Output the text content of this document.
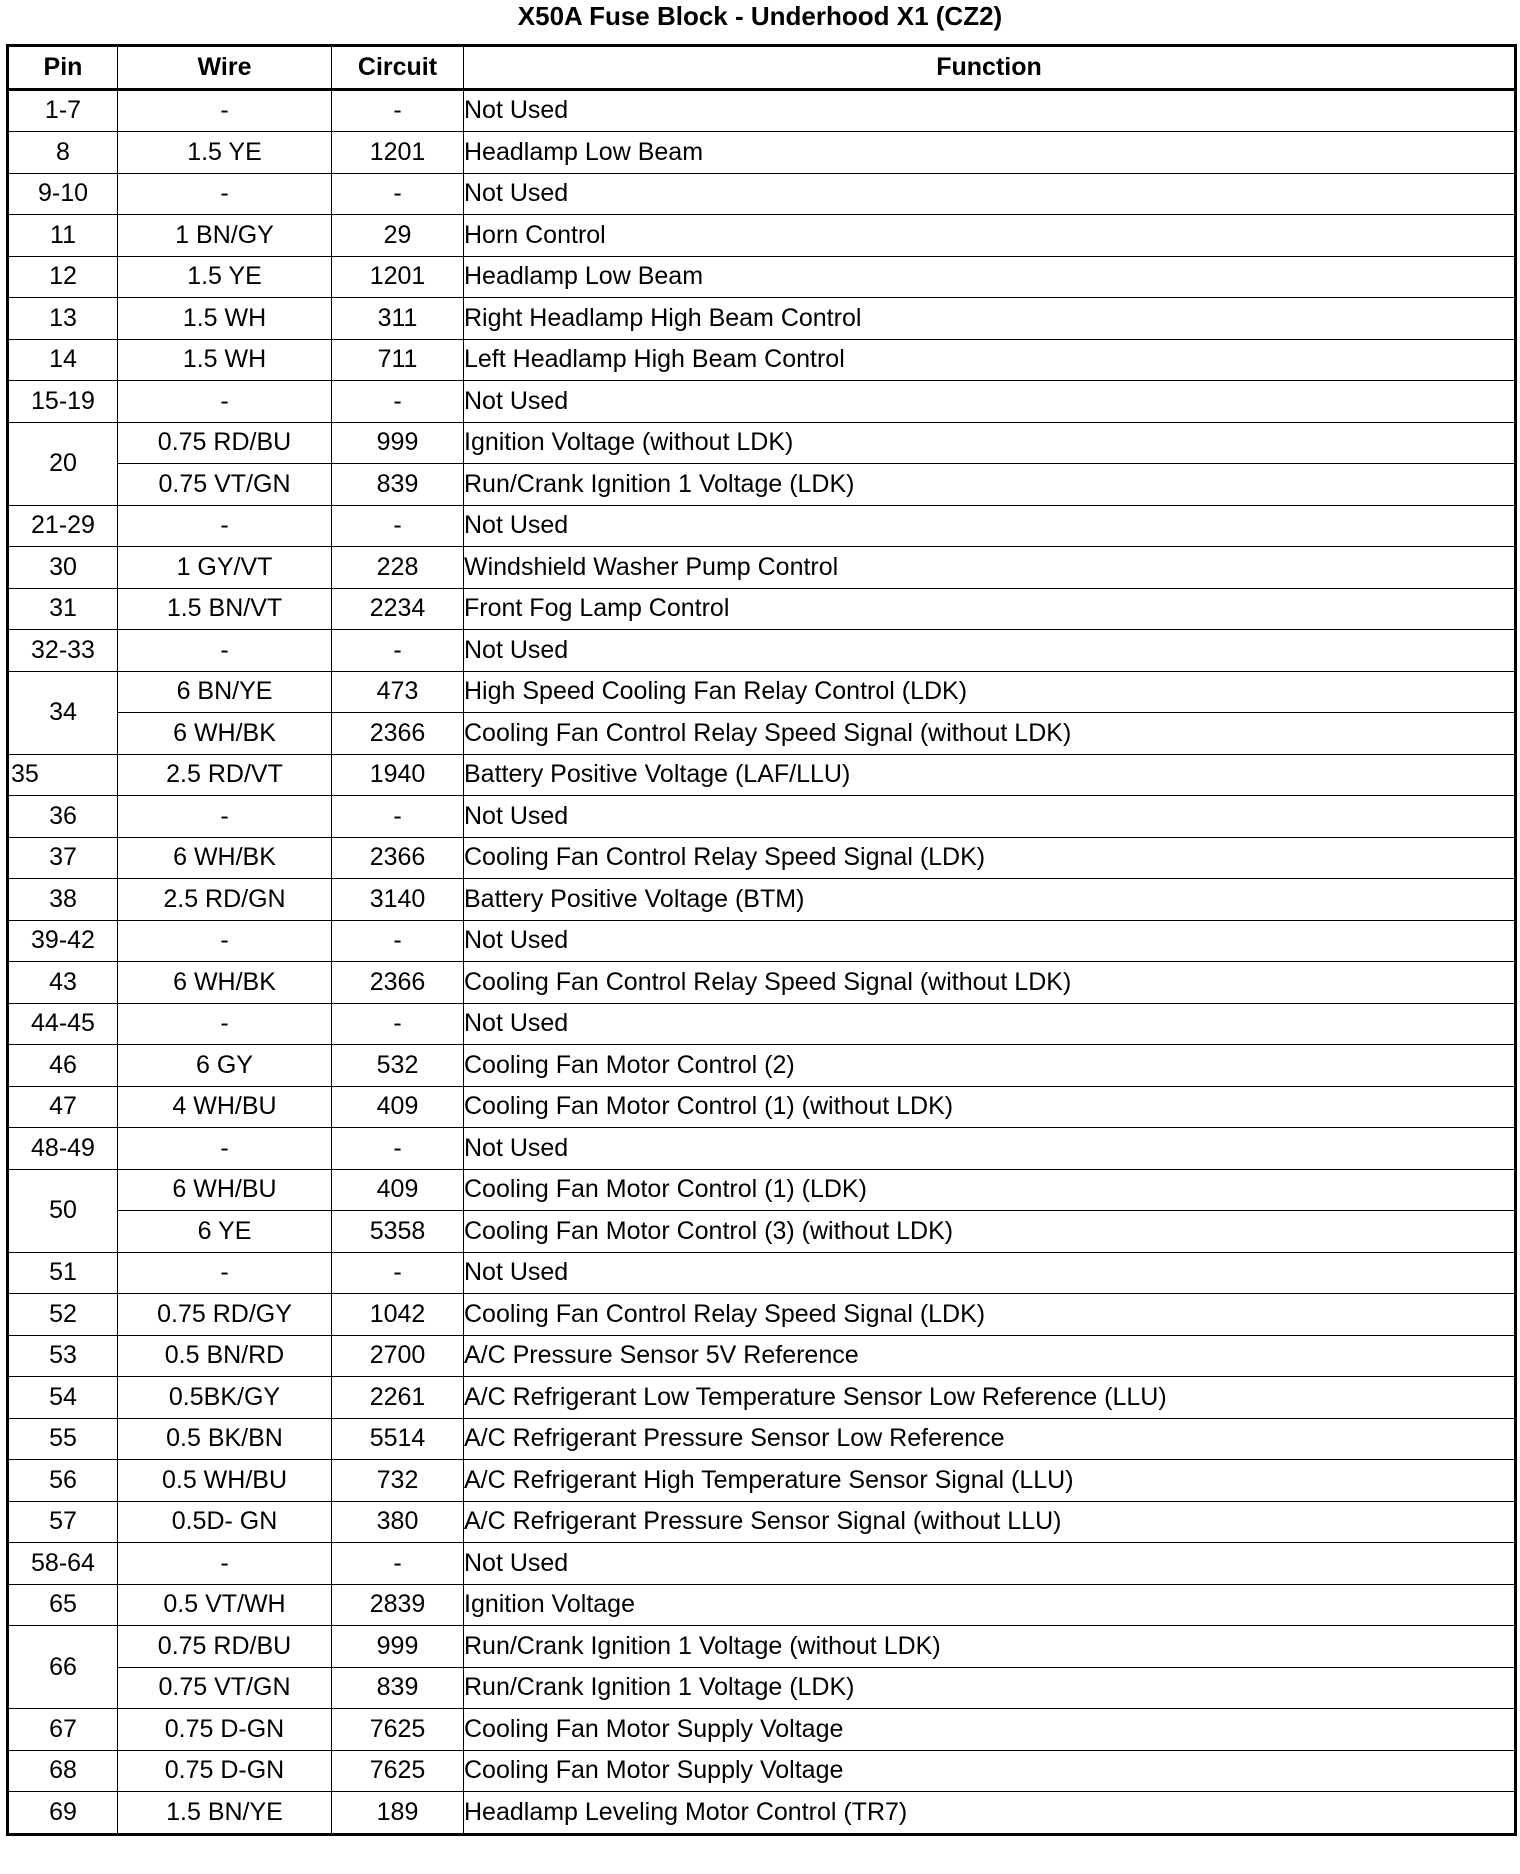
X50A Fuse Block - Underhood X1 (CZ2)
Pin	Wire	Circuit	Function
1-7	-	-	Not Used
8	1.5 YE	1201	Headlamp Low Beam
9-10	-	-	Not Used
11	1 BN/GY	29	Horn Control
12	1.5 YE	1201	Headlamp Low Beam
13	1.5 WH	311	Right Headlamp High Beam Control
14	1.5 WH	711	Left Headlamp High Beam Control
15-19	-	-	Not Used
20	0.75 RD/BU	999	Ignition Voltage (without LDK)
	0.75 VT/GN	839	Run/Crank Ignition 1 Voltage (LDK)
21-29	-	-	Not Used
30	1 GY/VT	228	Windshield Washer Pump Control
31	1.5 BN/VT	2234	Front Fog Lamp Control
32-33	-	-	Not Used
34	6 BN/YE	473	High Speed Cooling Fan Relay Control (LDK)
	6 WH/BK	2366	Cooling Fan Control Relay Speed Signal (without LDK)
35	2.5 RD/VT	1940	Battery Positive Voltage (LAF/LLU)
36	-	-	Not Used
37	6 WH/BK	2366	Cooling Fan Control Relay Speed Signal (LDK)
38	2.5 RD/GN	3140	Battery Positive Voltage (BTM)
39-42	-	-	Not Used
43	6 WH/BK	2366	Cooling Fan Control Relay Speed Signal (without LDK)
44-45	-	-	Not Used
46	6 GY	532	Cooling Fan Motor Control (2)
47	4 WH/BU	409	Cooling Fan Motor Control (1) (without LDK)
48-49	-	-	Not Used
50	6 WH/BU	409	Cooling Fan Motor Control (1) (LDK)
	6 YE	5358	Cooling Fan Motor Control (3) (without LDK)
51	-	-	Not Used
52	0.75 RD/GY	1042	Cooling Fan Control Relay Speed Signal (LDK)
53	0.5 BN/RD	2700	A/C Pressure Sensor 5V Reference
54	0.5BK/GY	2261	A/C Refrigerant Low Temperature Sensor Low Reference (LLU)
55	0.5 BK/BN	5514	A/C Refrigerant Pressure Sensor Low Reference
56	0.5 WH/BU	732	A/C Refrigerant High Temperature Sensor Signal (LLU)
57	0.5D- GN	380	A/C Refrigerant Pressure Sensor Signal (without LLU)
58-64	-	-	Not Used
65	0.5 VT/WH	2839	Ignition Voltage
66	0.75 RD/BU	999	Run/Crank Ignition 1 Voltage (without LDK)
	0.75 VT/GN	839	Run/Crank Ignition 1 Voltage (LDK)
67	0.75 D-GN	7625	Cooling Fan Motor Supply Voltage
68	0.75 D-GN	7625	Cooling Fan Motor Supply Voltage
69	1.5 BN/YE	189	Headlamp Leveling Motor Control (TR7)
